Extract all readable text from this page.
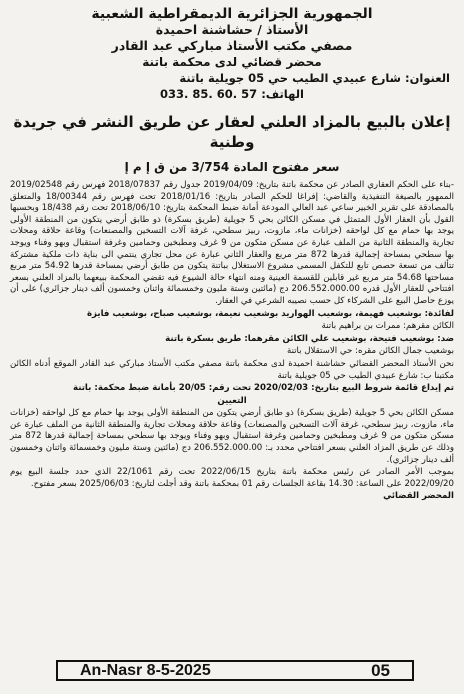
الجمهورية الجزائرية الديمقراطية الشعبية
الأستاذ / حشاشنة احميدة
مصفي مكتب الأستاذ مباركي عبد القادر
محضر قضائي لدى محكمة باتنة
العنوان: شارع عبيدي الطيب حي 05 جويلية باتنة
الهاتف: 57 .60 .85 .033
إعلان بالبيع بالمزاد العلني لعقار عن طريق النشر في جريدة وطنية
سعر مفتوح المادة 3/754 من ق إ م إ

-بناء على الحكم العقاري الصادر عن محكمة باتنة بتاريخ: 2019/04/09 جدول رقم 2018/07837 فهرس رقم 2019/02548 الممهور بالصيغة التنفيذية والقاضي: إفراغا للحكم الصادر بتاريخ: 2018/01/16 تحت فهرس رقم 18/00344 والمتعلق بالمصادقة على تقرير الخبير ساعي عبد العالي المودعة أمانة ضبط المحكمة بتاريخ: 2018/06/10 تحت رقم 18/438 وبحسبها القول بأن العقار الأول المتمثل في مسكن الكائن بحي 5 جويلية (طريق بسكرة) ذو طابق أرضي يتكون من المنطقة الأولى يوجد بها حمام مع كل لواحقه (خزانات ماء، مازوت، ربيز سطحي، غرفة آلات التسخين والمصنعات) وقاعة حلاقة ومحلات تجارية والمنطقة الثانية من الملف عبارة عن مسكن متكون من 9 غرف ومطبخين وحمامين وغرفة استقبال وبهو وفناء ويوجد بها سطحي بمساحة إجمالية قدرها 872 متر مربع والعقار الثاني عبارة عن محل تجاري ينتمي الى بناية ذات ملكية مشتركة تتألف من تسعة حصص تابع للتكفل المسمى مشروع الاستغلال بباتنة يتكون من طابق أرضي بمساحة قدرها 54.92 متر مربع مساحتها 54.68 متر مربع غير قابلين للقسمة العينية ومنه انتهاء حالة الشيوع فيه تقضي المحكمة ببيعهما بالمزاد العلني بسعر افتتاحي للعقار الأول قدره 206.552.000.00 دج (مائتين وستة مليون وخمسمائة واثنان وخمسون ألف دينار جزائري) على أن يوزع حاصل البيع على الشركاء كل حسب نصيبه الشرعي في العقار.

لفائدة: بوشعيب فهيمة، بوشعيب الهواريد بوشعيب نعيمة، بوشعيب صباح، بوشعيب فايزة

الكائن مقرهم: ممرات بن براهيم باتنة

ضد: بوشعيب فتيحة، بوشعيب علي الكائن مقرهما: طريق بسكرة باتنة

بوشعيب جمال الكائن مقره: حي الاستقلال باتنة

نحن الأستاذ المحضر القضائي حشاشنة احميدة لدى محكمة باتنة مصفي مكتب الأستاذ مباركي عبد القادر الموقع أدناه الكائن مكتبنا ب: شارع عبيدي الطيب حي 05 جويلية باتنة

تم إيداع قائمة شروط البيع بتاريخ: 2020/02/03 تحت رقم: 20/05 بأمانة ضبط محكمة: باتنة

التعيين

مسكن الكائن بحي 5 جويلية (طريق بسكرة) ذو طابق أرضي يتكون من المنطقة الأولى يوجد بها حمام مع كل لواحقه (خزانات ماء، مازوت، ربيز سطحي، غرفة آلات التسخين والمصنعات) وقاعة حلاقة ومحلات تجارية والمنطقة الثانية من الملف عبارة عن مسكن متكون من 9 غرف ومطبخين وحمامين وغرفة استقبال وبهو وفناء ويوجد بها سطحي بمساحة إجمالية قدرها 872 متر وذلك عن طريق المزاد العلني بسعر افتتاحي محدد بـ: 206.552.000.00 دج (مائتين وستة مليون وخمسمائة واثنان وخمسون ألف دينار جزائري).

بموجب الأمر الصادر عن رئيس محكمة باتنة بتاريخ 2022/06/15 تحت رقم 22/1061 الذي حدد جلسة البيع يوم 2022/09/20 على الساعة: 14.30 بقاعة الجلسات رقم 01 بمحكمة باتنة وقد أجلت لتاريخ: 2025/06/03 بسعر مفتوح.

المحضر القضائي

An-Nasr 8-5-2025	05
